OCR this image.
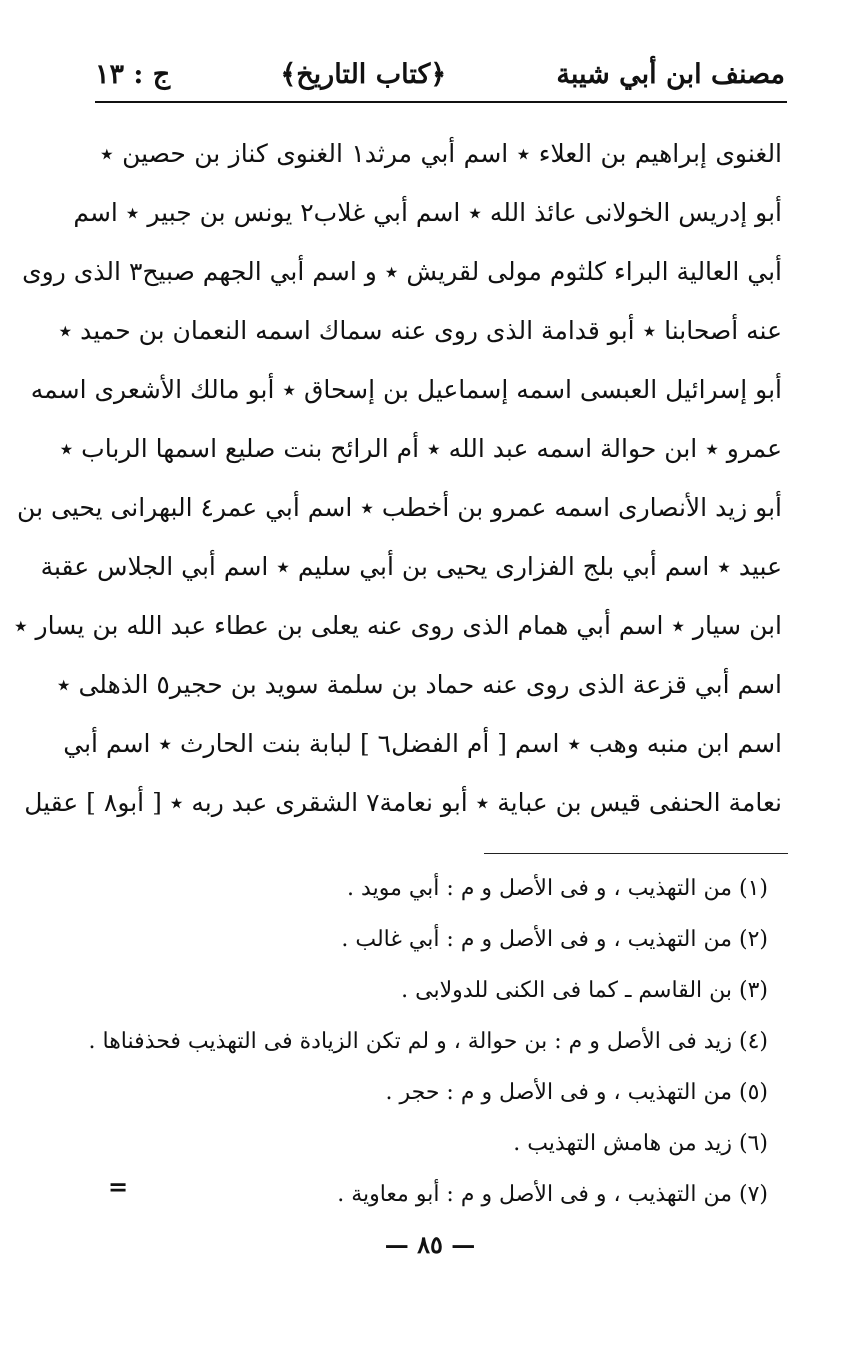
مصنف ابن أبي شيبة
﴿كتاب التاريخ﴾
ج : ١٣
الغنوى إبراهيم بن العلاء ٭ اسم أبي مرثد١ الغنوى كناز بن حصين ٭
أبو إدريس الخولانى عائذ الله ٭ اسم أبي غلاب٢ يونس بن جبير ٭ اسم
أبي العالية البراء كلثوم مولى لقريش ٭ و اسم أبي الجهم صبيح٣ الذى روى
عنه أصحابنا ٭ أبو قدامة الذى روى عنه سماك اسمه النعمان بن حميد ٭
أبو إسرائيل العبسى اسمه إسماعيل بن إسحاق ٭ أبو مالك الأشعرى اسمه
عمرو ٭ ابن حوالة اسمه عبد الله ٭ أم الرائح بنت صليع اسمها الرباب ٭
أبو زيد الأنصارى اسمه عمرو بن أخطب ٭ اسم أبي عمر٤ البهرانى يحيى بن
عبيد ٭ اسم أبي بلج الفزارى يحيى بن أبي سليم ٭ اسم أبي الجلاس عقبة
ابن سيار ٭ اسم أبي همام الذى روى عنه يعلى بن عطاء عبد الله بن يسار ٭
اسم أبي قزعة الذى روى عنه حماد بن سلمة سويد بن حجير٥ الذهلى ٭
اسم ابن منبه وهب ٭ اسم [ أم الفضل٦ ] لبابة بنت الحارث ٭ اسم أبي
نعامة الحنفى قيس بن عباية ٭ أبو نعامة٧ الشقرى عبد ربه ٭ [ أبو٨ ] عقيل
(١) من التهذيب ، و فى الأصل و م : أبي مويد .
(٢) من التهذيب ، و فى الأصل و م : أبي غالب .
(٣) بن القاسم ـ كما فى الكنى للدولابى .
(٤) زيد فى الأصل و م : بن حوالة ، و لم تكن الزيادة فى التهذيب فحذفناها .
(٥) من التهذيب ، و فى الأصل و م : حجر .
(٦) زيد من هامش التهذيب .
(٧) من التهذيب ، و فى الأصل و م : أبو معاوية .
=
— ٨٥ —
